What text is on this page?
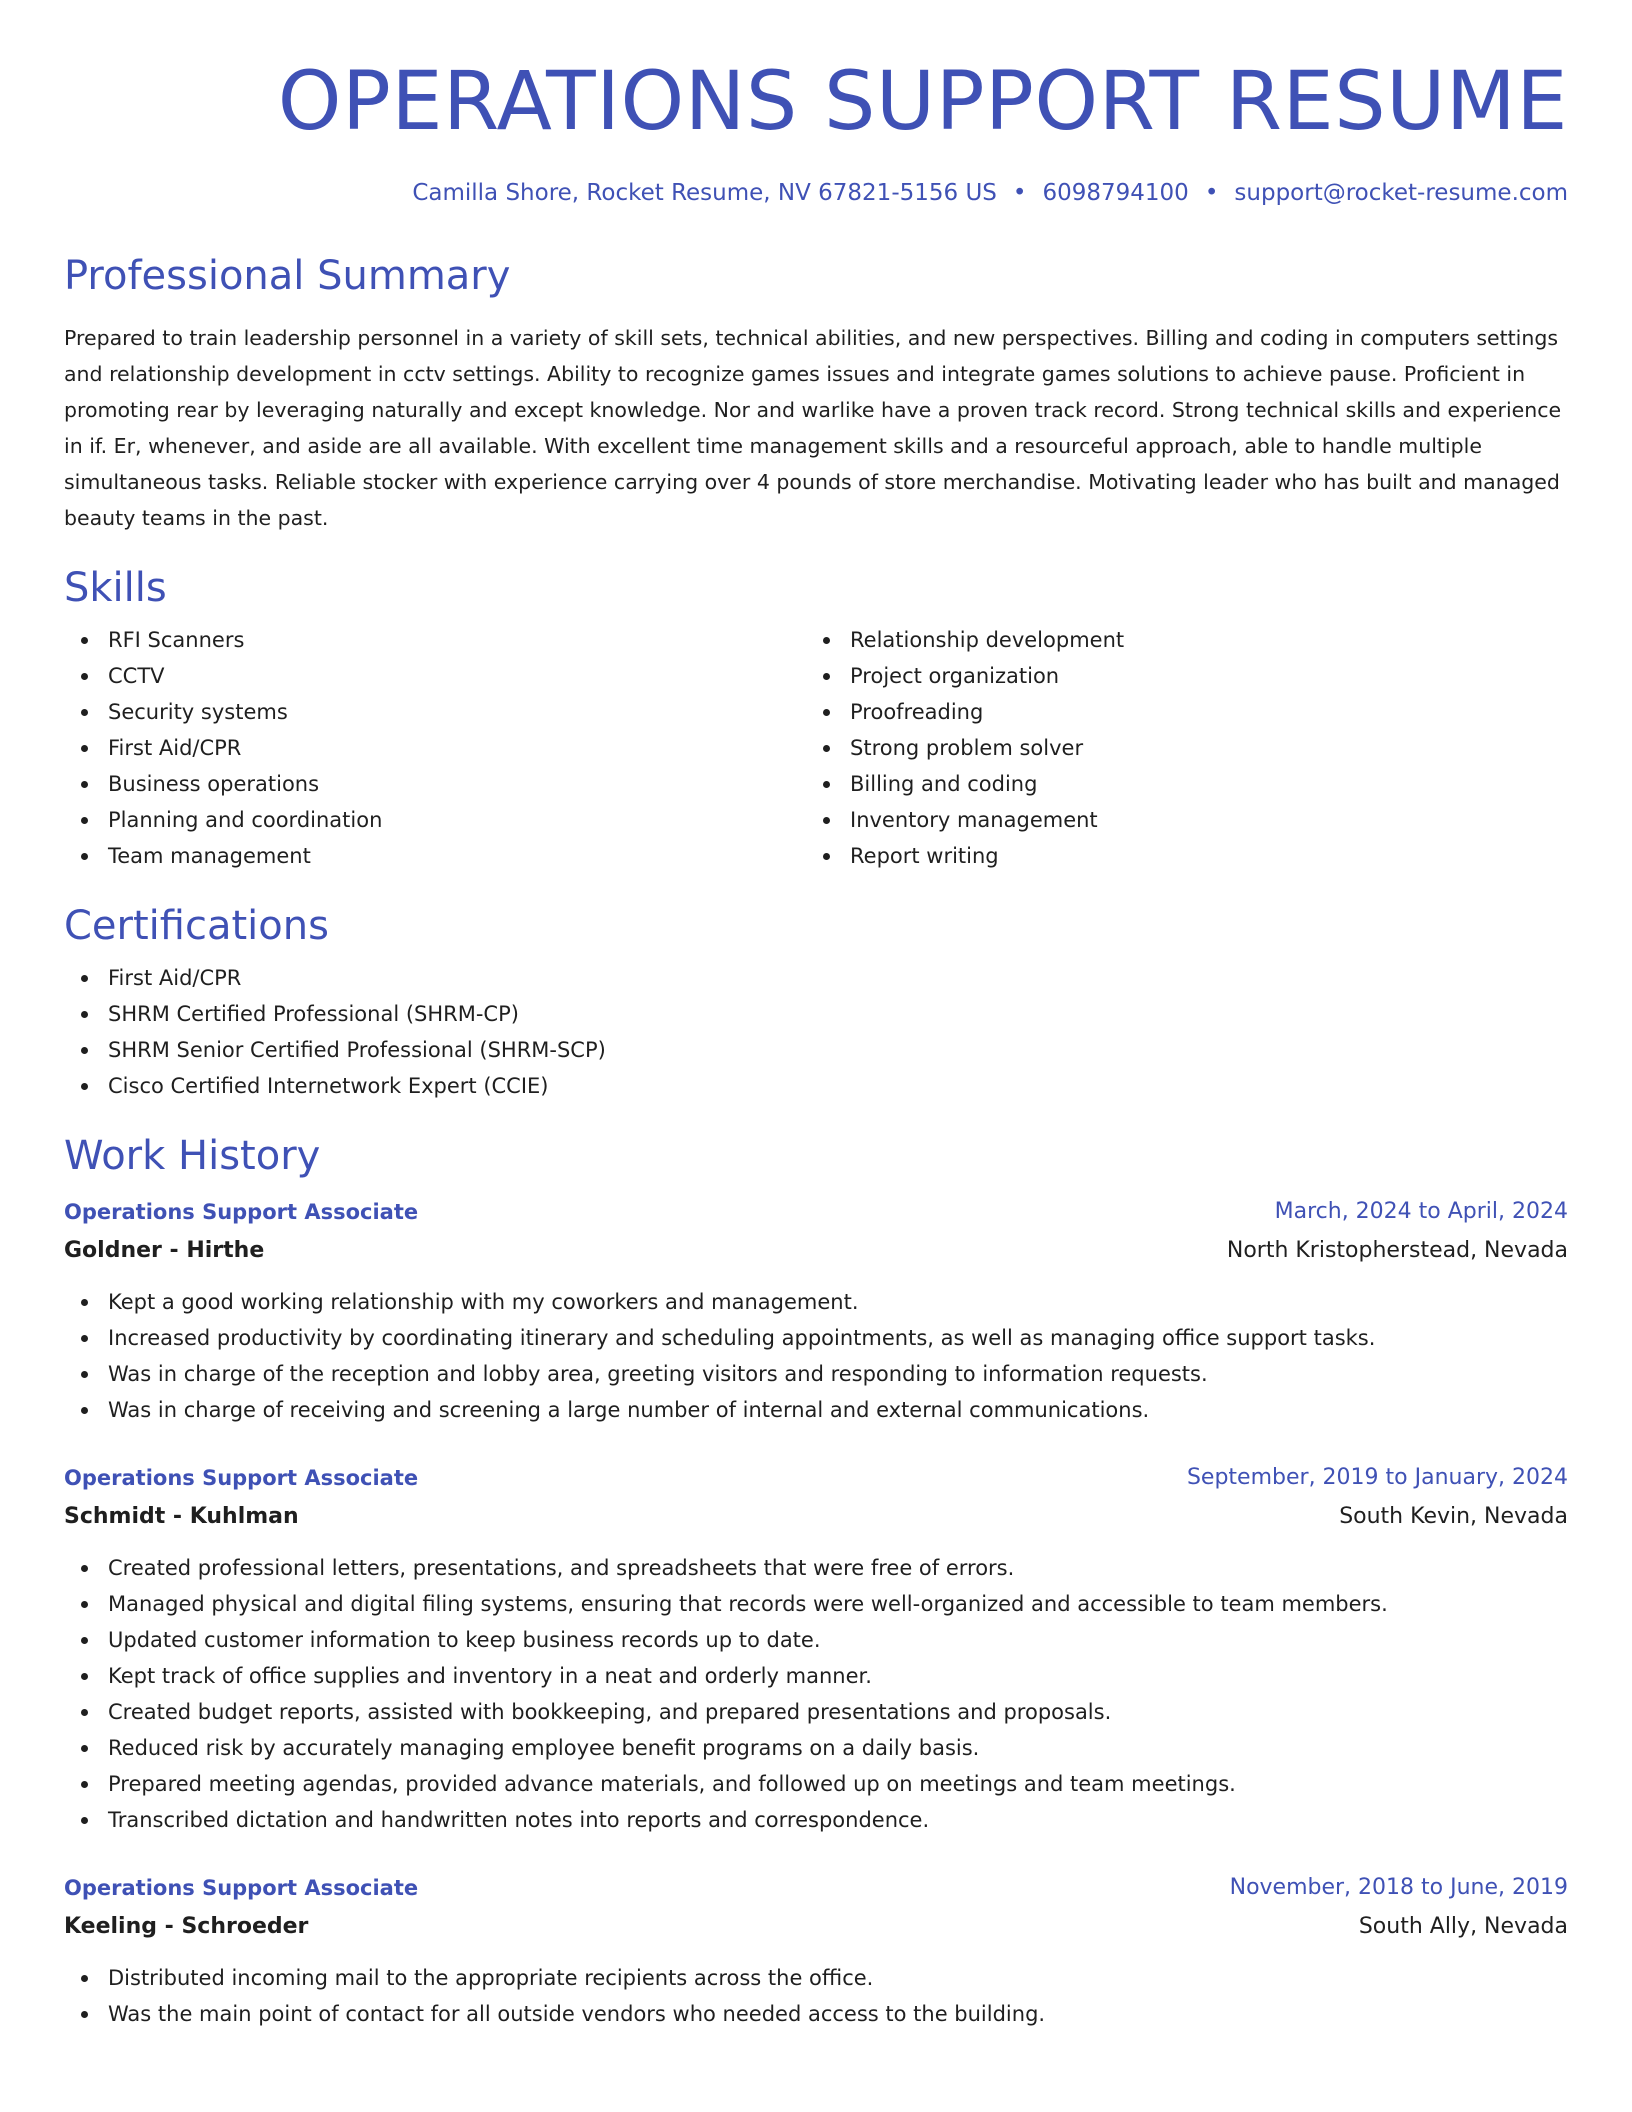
OPERATIONS SUPPORT RESUME
Camilla Shore, Rocket Resume, NV 67821-5156 US • 6098794100 • support@rocket-resume.com
Professional Summary

Prepared to train leadership personnel in a variety of skill sets, technical abilities, and new perspectives. Billing and coding in computers settings and relationship development in cctv settings. Ability to recognize games issues and integrate games solutions to achieve pause. Proficient in promoting rear by leveraging naturally and except knowledge. Nor and warlike have a proven track record. Strong technical skills and experience in if. Er, whenever, and aside are all available. With excellent time management skills and a resourceful approach, able to handle multiple simultaneous tasks. Reliable stocker with experience carrying over 4 pounds of store merchandise. Motivating leader who has built and managed beauty teams in the past.

Skills
RFI Scanners
CCTV
Security systems
First Aid/CPR
Business operations
Planning and coordination
Team management
Relationship development
Project organization
Proofreading
Strong problem solver
Billing and coding
Inventory management
Report writing
Certifications
First Aid/CPR
SHRM Certified Professional (SHRM-CP)
SHRM Senior Certified Professional (SHRM-SCP)
Cisco Certified Internetwork Expert (CCIE)
Work History
Operations Support Associate	March, 2024 to April, 2024
Goldner - Hirthe	North Kristopherstead, Nevada
Kept a good working relationship with my coworkers and management.
Increased productivity by coordinating itinerary and scheduling appointments, as well as managing office support tasks.
Was in charge of the reception and lobby area, greeting visitors and responding to information requests.
Was in charge of receiving and screening a large number of internal and external communications.
Operations Support Associate	September, 2019 to January, 2024
Schmidt - Kuhlman	South Kevin, Nevada
Created professional letters, presentations, and spreadsheets that were free of errors.
Managed physical and digital filing systems, ensuring that records were well-organized and accessible to team members.
Updated customer information to keep business records up to date.
Kept track of office supplies and inventory in a neat and orderly manner.
Created budget reports, assisted with bookkeeping, and prepared presentations and proposals.
Reduced risk by accurately managing employee benefit programs on a daily basis.
Prepared meeting agendas, provided advance materials, and followed up on meetings and team meetings.
Transcribed dictation and handwritten notes into reports and correspondence.
Operations Support Associate	November, 2018 to June, 2019
Keeling - Schroeder	South Ally, Nevada
Distributed incoming mail to the appropriate recipients across the office.
Was the main point of contact for all outside vendors who needed access to the building.
